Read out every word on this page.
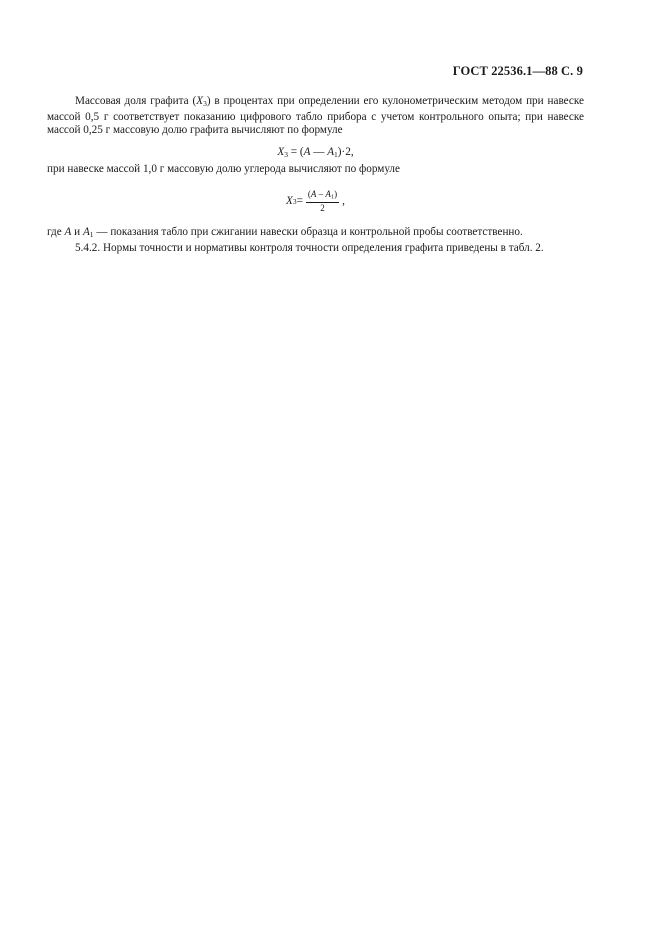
ГОСТ 22536.1—88 С. 9

Массовая доля графита $(X_3)$ в процентах при определении его кулонометрическим методом при навеске массой 0,5 г соответствует показанию цифрового табло прибора с учетом контрольного опыта; при навеске массой 0,25 г массовую долю графита вычисляют по формуле

$X_3 = (A$ — $A_1)\cdot 2$,

при навеске массой 1,0 г массовую долю углерода вычисляют по формуле

X $3 = \frac{(A - A_1)}{2}$ ,

где A и $A_1$ — показания табло при сжигании навески образца и контрольной пробы соответственно.

5.4.2. Нормы точности и нормативы контроля точности определения графита приведены в табл. 2.
